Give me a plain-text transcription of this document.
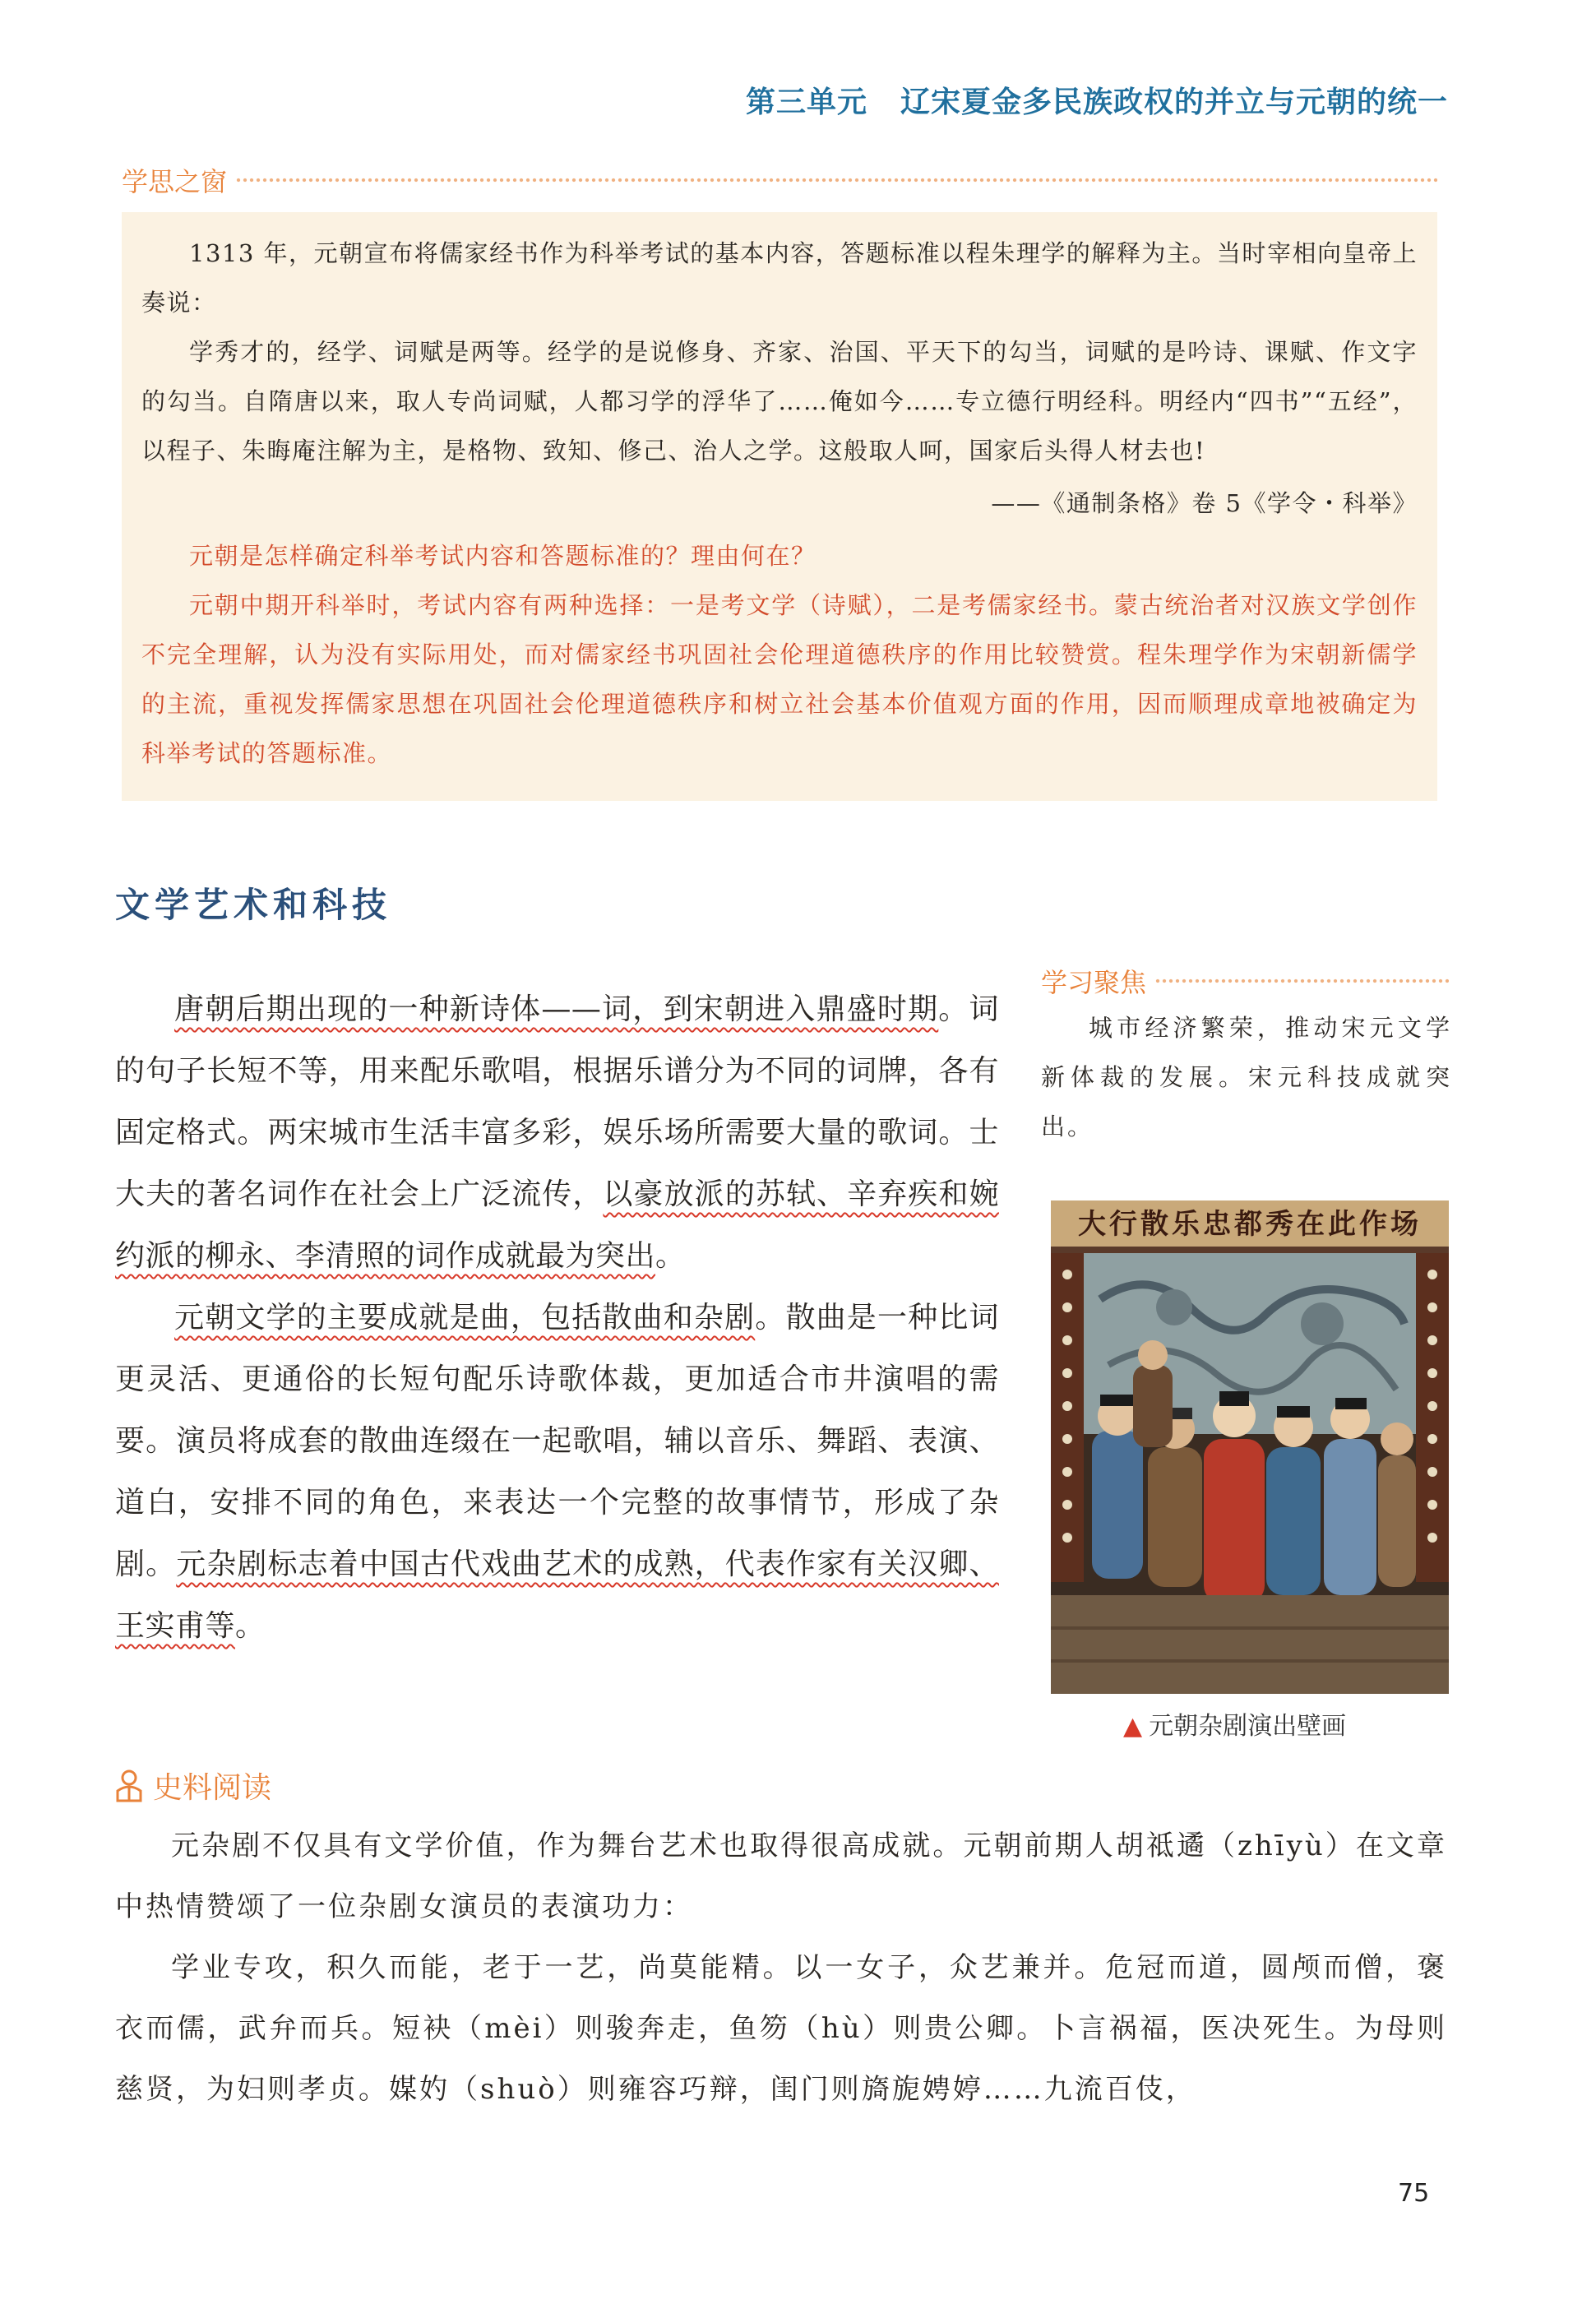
第三单元 辽宋夏金多民族政权的并立与元朝的统一
学思之窗

1313 年，元朝宣布将儒家经书作为科举考试的基本内容，答题标准以程朱理学的解释为主。当时宰相向皇帝上奏说：

学秀才的，经学、词赋是两等。经学的是说修身、齐家、治国、平天下的勾当，词赋的是吟诗、课赋、作文字的勾当。自隋唐以来，取人专尚词赋，人都习学的浮华了……俺如今……专立德行明经科。明经内“四书”“五经”，以程子、朱晦庵注解为主，是格物、致知、修己、治人之学。这般取人呵，国家后头得人材去也!

——《通制条格》卷 5《学令・科举》

元朝是怎样确定科举考试内容和答题标准的？理由何在？

元朝中期开科举时，考试内容有两种选择：一是考文学（诗赋），二是考儒家经书。蒙古统治者对汉族文学创作不完全理解，认为没有实际用处，而对儒家经书巩固社会伦理道德秩序的作用比较赞赏。程朱理学作为宋朝新儒学的主流，重视发挥儒家思想在巩固社会伦理道德秩序和树立社会基本价值观方面的作用，因而顺理成章地被确定为科举考试的答题标准。

文学艺术和科技

唐朝后期出现的一种新诗体——词，到宋朝进入鼎盛时期。词的句子长短不等，用来配乐歌唱，根据乐谱分为不同的词牌，各有固定格式。两宋城市生活丰富多彩，娱乐场所需要大量的歌词。士大夫的著名词作在社会上广泛流传，以豪放派的苏轼、辛弃疾和婉约派的柳永、李清照的词作成就最为突出。

元朝文学的主要成就是曲，包括散曲和杂剧。散曲是一种比词更灵活、更通俗的长短句配乐诗歌体裁，更加适合市井演唱的需要。演员将成套的散曲连缀在一起歌唱，辅以音乐、舞蹈、表演、道白，安排不同的角色，来表达一个完整的故事情节，形成了杂剧。元杂剧标志着中国古代戏曲艺术的成熟，代表作家有关汉卿、王实甫等。

学习聚焦

城市经济繁荣，推动宋元文学新体裁的发展。宋元科技成就突出。

大行散乐忠都秀在此作场
▲ 元朝杂剧演出壁画
史料阅读

元杂剧不仅具有文学价值，作为舞台艺术也取得很高成就。元朝前期人胡祗遹（zhīyù）在文章中热情赞颂了一位杂剧女演员的表演功力：

学业专攻，积久而能，老于一艺，尚莫能精。以一女子，众艺兼并。危冠而道，圆颅而僧，褒衣而儒，武弁而兵。短袂（mèi）则骏奔走，鱼笏（hù）则贵公卿。卜言祸福，医决死生。为母则慈贤，为妇则孝贞。媒妁（shuò）则雍容巧辩，闺门则旖旎娉婷……九流百伎，

75
